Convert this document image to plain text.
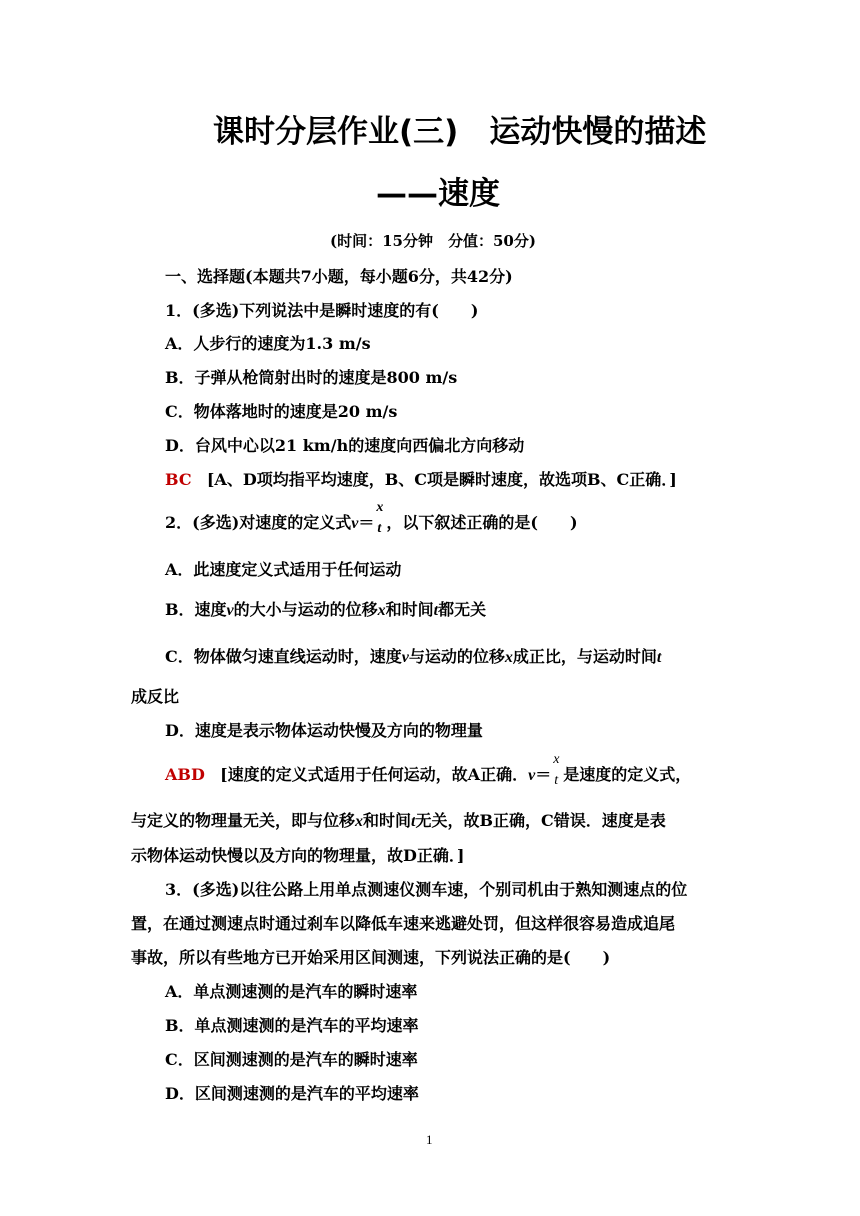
课时分层作业(三)　运动快慢的描述
——速度
(时间：15分钟　分值：50分)
一、选择题(本题共7小题，每小题6分，共42分)
1．(多选)下列说法中是瞬时速度的有(　　)
A．人步行的速度为1.3 m/s
B．子弹从枪筒射出时的速度是800 m/s
C．物体落地时的速度是20 m/s
D．台风中心以21 km/h的速度向西偏北方向移动
BC [A、D项均指平均速度，B、C项是瞬时速度，故选项B、C正确．]
2．(多选)对速度的定义式v＝
x
t ，以下叙述正确的是(　　)
A．此速度定义式适用于任何运动
B．速度v的大小与运动的位移x和时间t都无关
C．物体做匀速直线运动时，速度v与运动的位移x成正比，与运动时间t
成反比
D．速度是表示物体运动快慢及方向的物理量
ABD [速度的定义式适用于任何运动，故A正确．v＝
x
t 是速度的定义式，
与定义的物理量无关，即与位移x和时间t无关，故B正确，C错误．速度是表
示物体运动快慢以及方向的物理量，故D正确．]
3．(多选)以往公路上用单点测速仪测车速，个别司机由于熟知测速点的位
置，在通过测速点时通过刹车以降低车速来逃避处罚，但这样很容易造成追尾
事故，所以有些地方已开始采用区间测速，下列说法正确的是(　　)
A．单点测速测的是汽车的瞬时速率
B．单点测速测的是汽车的平均速率
C．区间测速测的是汽车的瞬时速率
D．区间测速测的是汽车的平均速率
1
